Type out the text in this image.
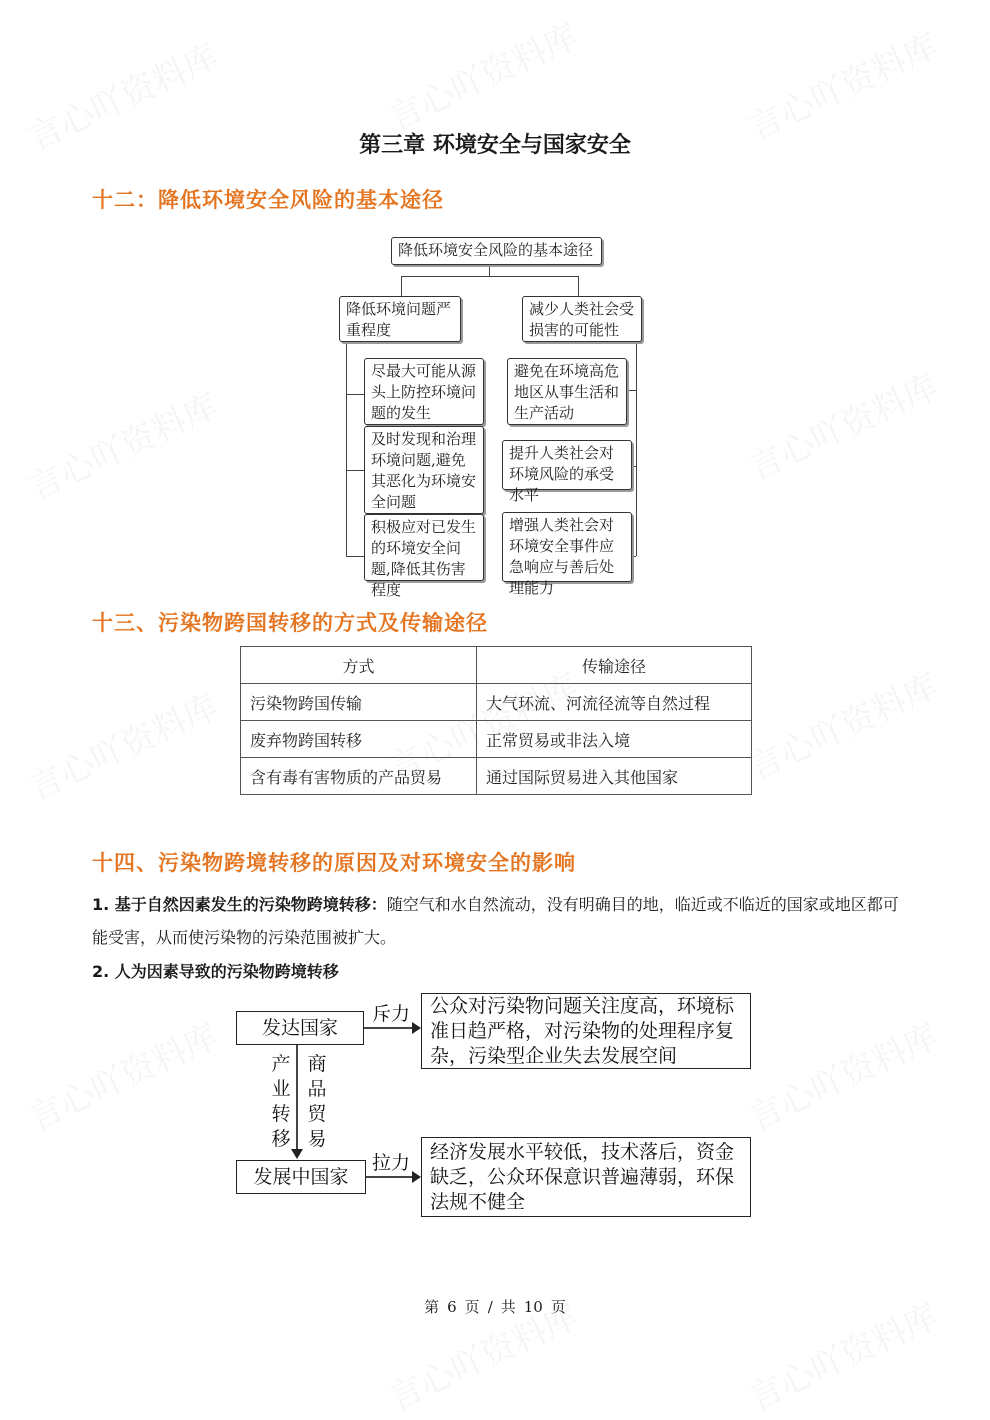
第三章 环境安全与国家安全
十二：降低环境安全风险的基本途径
降低环境安全风险的基本途径
降低环境问题严重程度
减少人类社会受损害的可能性
尽最大可能从源头上防控环境问题的发生
及时发现和治理环境问题,避免其恶化为环境安全问题
积极应对已发生的环境安全问题,降低其伤害程度
避免在环境高危地区从事生活和生产活动
提升人类社会对环境风险的承受水平
增强人类社会对环境安全事件应急响应与善后处理能力
十三、污染物跨国转移的方式及传输途径
方式	传输途径
污染物跨国传输	大气环流、河流径流等自然过程
废弃物跨国转移	正常贸易或非法入境
含有毒有害物质的产品贸易	通过国际贸易进入其他国家
十四、污染物跨境转移的原因及对环境安全的影响
1. 基于自然因素发生的污染物跨境转移：随空气和水自然流动，没有明确目的地，临近或不临近的国家或地区都可能受害，从而使污染物的污染范围被扩大。
2. 人为因素导致的污染物跨境转移
发达国家
发展中国家
公众对污染物问题关注度高，环境标准日趋严格，对污染物的处理程序复杂，污染型企业失去发展空间
经济发展水平较低，技术落后，资金缺乏，公众环保意识普遍薄弱，环保法规不健全
斥力
拉力
产业转移
商品贸易
第 6 页 / 共 10 页
